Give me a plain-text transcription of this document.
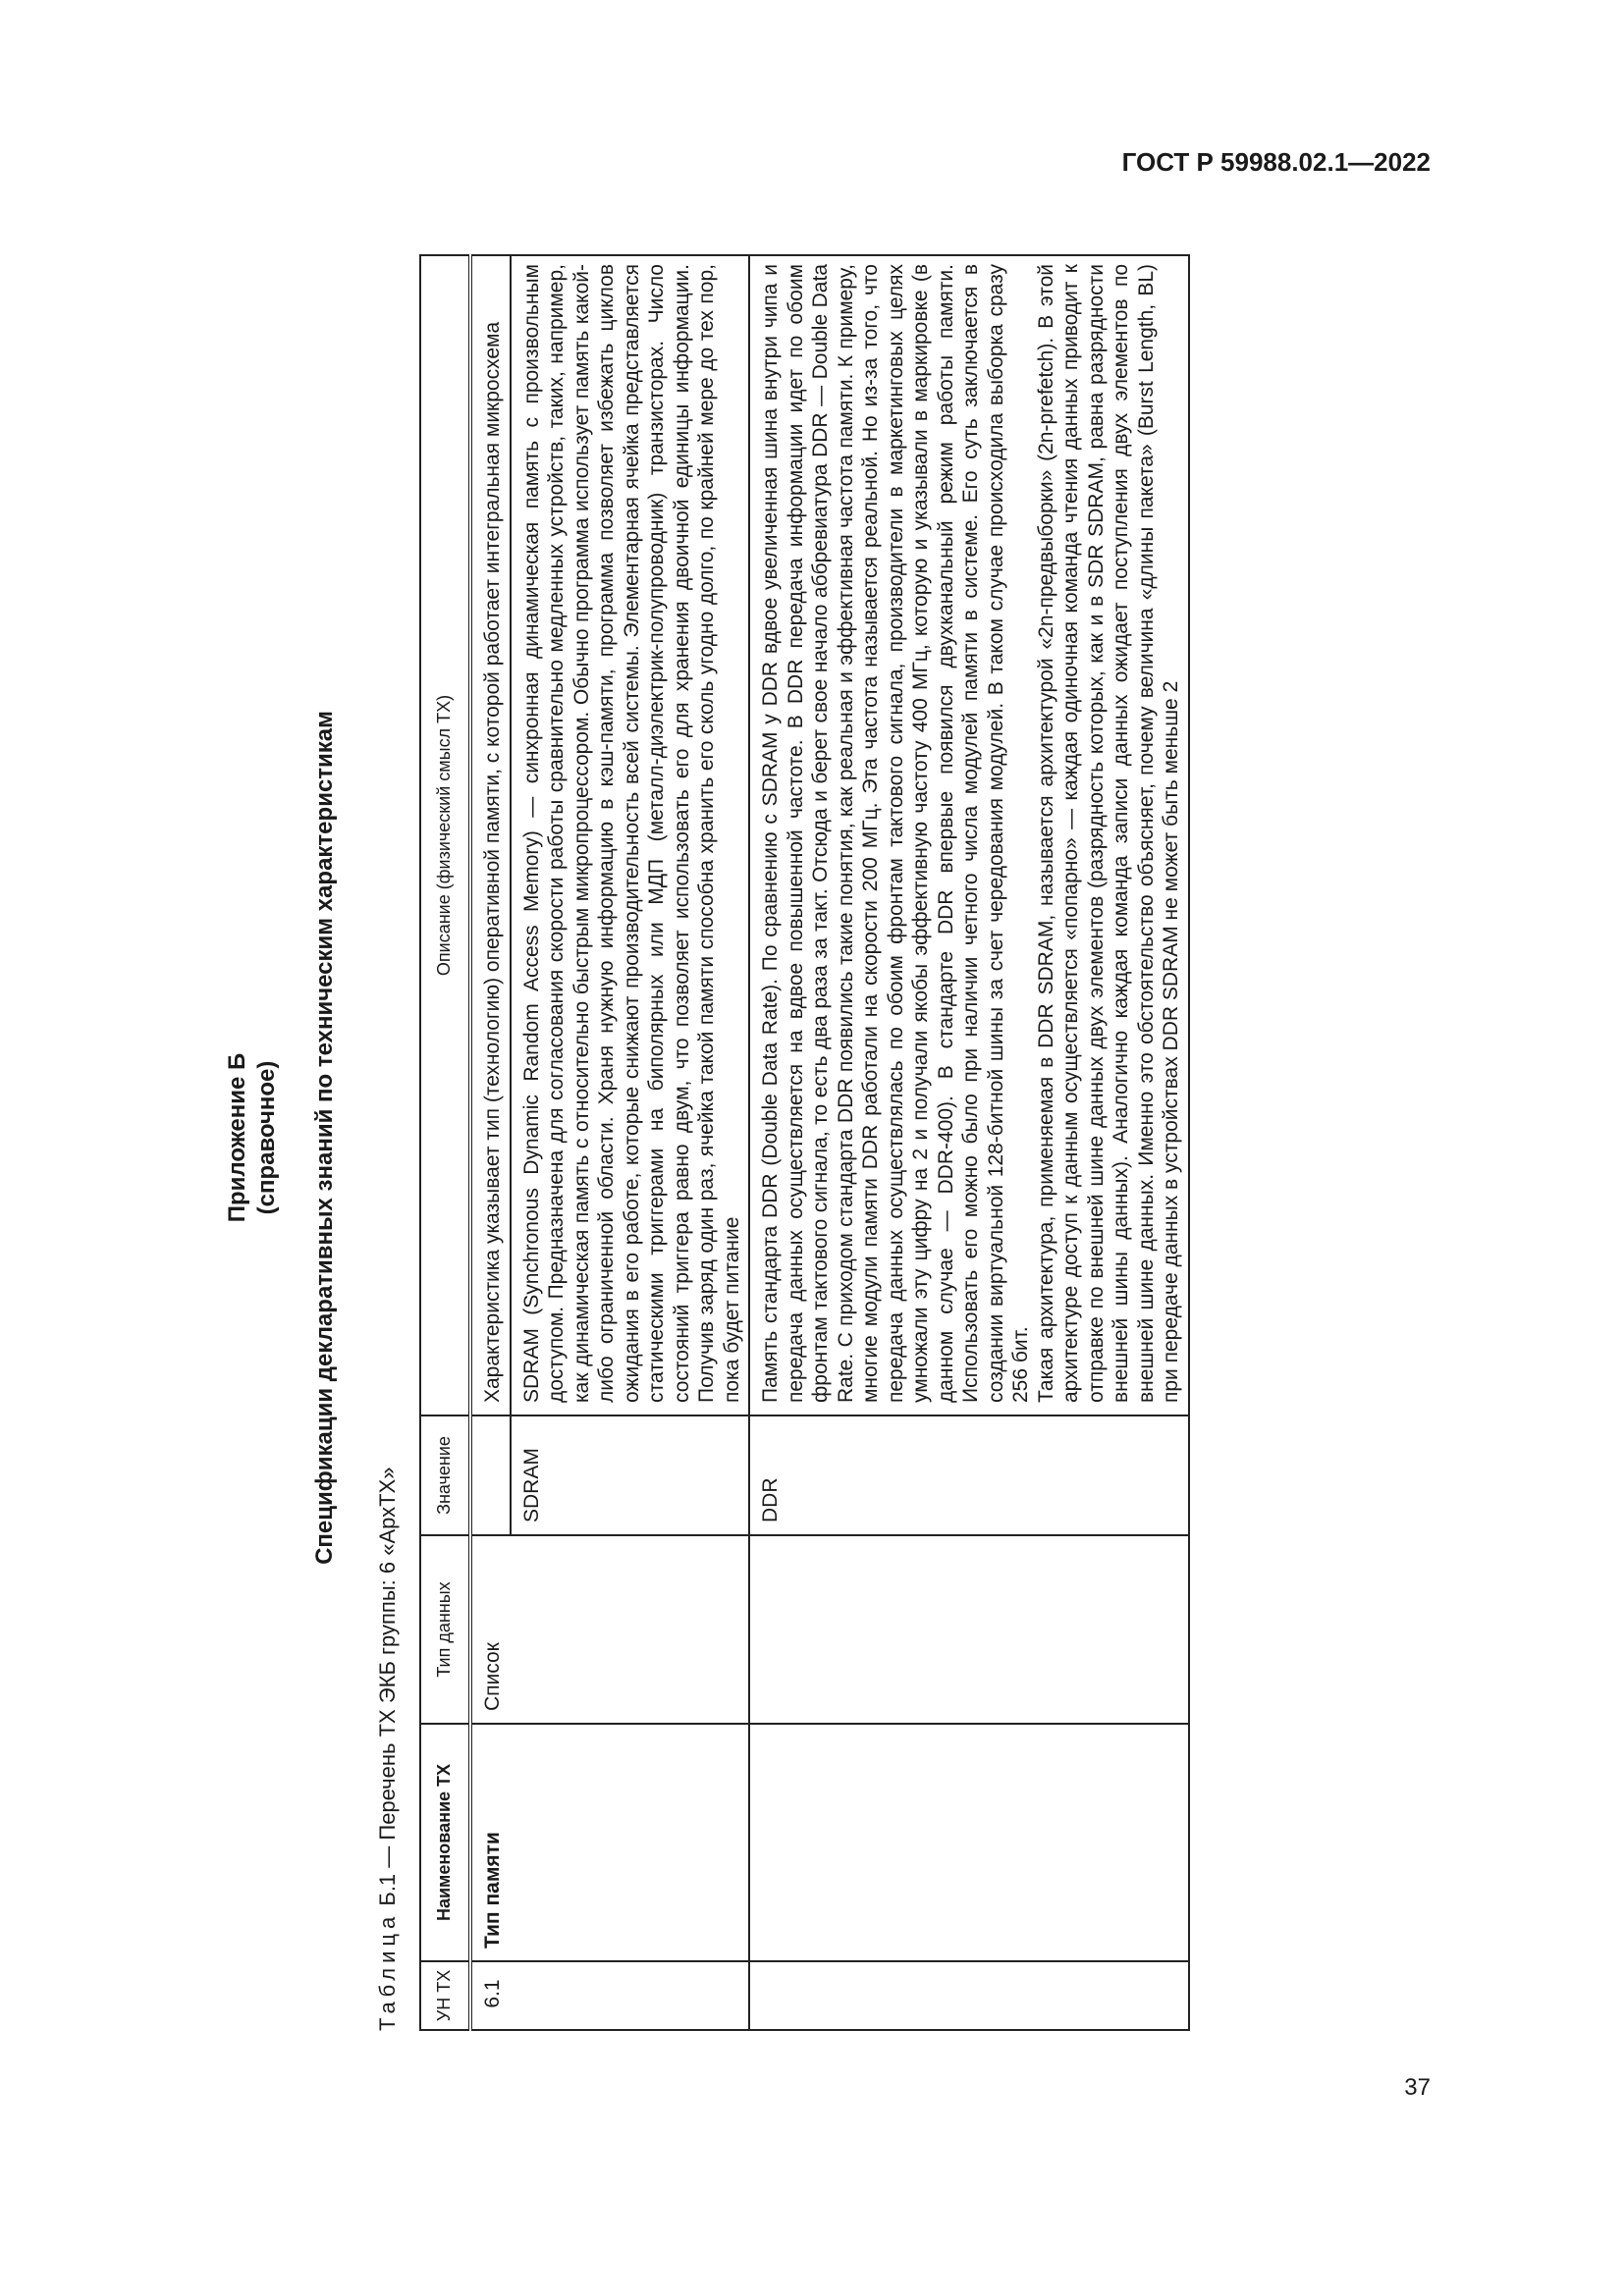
ГОСТ Р 59988.02.1—2022
Приложение Б (справочное) Спецификации декларативных знаний по техническим характеристикам
Таблица Б.1 — Перечень ТХ ЭКБ группы: 6 «АрхТХ»
УН ТХ	Наименование ТХ	Тип данных	Значение	Описание (физический смысл ТХ)
6.1	Тип памяти	Список		Характеристика указывает тип (технологию) оперативной памяти, с которой работает интегральная микросхема

			SDRAM	SDRAM (Synchronous Dynamic Random Access Memory) — синхронная динамическая память с произвольным доступом. Предназначена для согласования скорости работы сравнительно медленных устройств, таких, например, как динамическая память с относительно быстрым микропроцессором. Обычно программа использует память какой-либо ограниченной области. Храня нужную информацию в кэш-памяти, программа позволяет избежать циклов ожидания в его работе, которые снижают производительность всей системы. Элементарная ячейка представляется статическими триггерами на биполярных или МДП (металл-диэлектрик-полупроводник) транзисторах. Число состояний триггера равно двум, что позволяет использовать его для хранения двоичной единицы информации. Получив заряд один раз, ячейка такой памяти способна хранить его сколь угодно долго, по крайней мере до тех пор, пока будет питание

			DDR	Память стандарта DDR (Double Data Rate). По сравнению с SDRAM у DDR вдвое увеличенная шина внутри чипа и передача данных осуществляется на вдвое повышенной частоте. В DDR передача информации идет по обоим фронтам тактового сигнала, то есть два раза за такт. Отсюда и берет свое начало аббревиатура DDR — Double Data Rate. С приходом стандарта DDR появились такие понятия, как реальная и эффективная частота памяти. К примеру, многие модули памяти DDR работали на скорости 200 МГц. Эта частота называется реальной. Но из-за того, что передача данных осуществлялась по обоим фронтам тактового сигнала, производители в маркетинговых целях умножали эту цифру на 2 и получали якобы эффективную частоту 400 МГц, которую и указывали в маркировке (в данном случае — DDR-400). В стандарте DDR впервые появился двухканальный режим работы памяти. Использовать его можно было при наличии четного числа модулей памяти в системе. Его суть заключается в создании виртуальной 128-битной шины за счет чередования модулей. В таком случае происходила выборка сразу 256 бит. Такая архитектура, применяемая в DDR SDRAM, называется архитектурой «2n-предвыборки» (2n-prefetch). В этой архитектуре доступ к данным осуществляется «попарно» — каждая одиночная команда чтения данных приводит к отправке по внешней шине данных двух элементов (разрядность которых, как и в SDR SDRAM, равна разрядности внешней шины данных). Аналогично каждая команда записи данных ожидает поступления двух элементов по внешней шине данных. Именно это обстоятельство объясняет, почему величина «длины пакета» (Burst Length, BL) при передаче данных в устройствах DDR SDRAM не может быть меньше 2

37
